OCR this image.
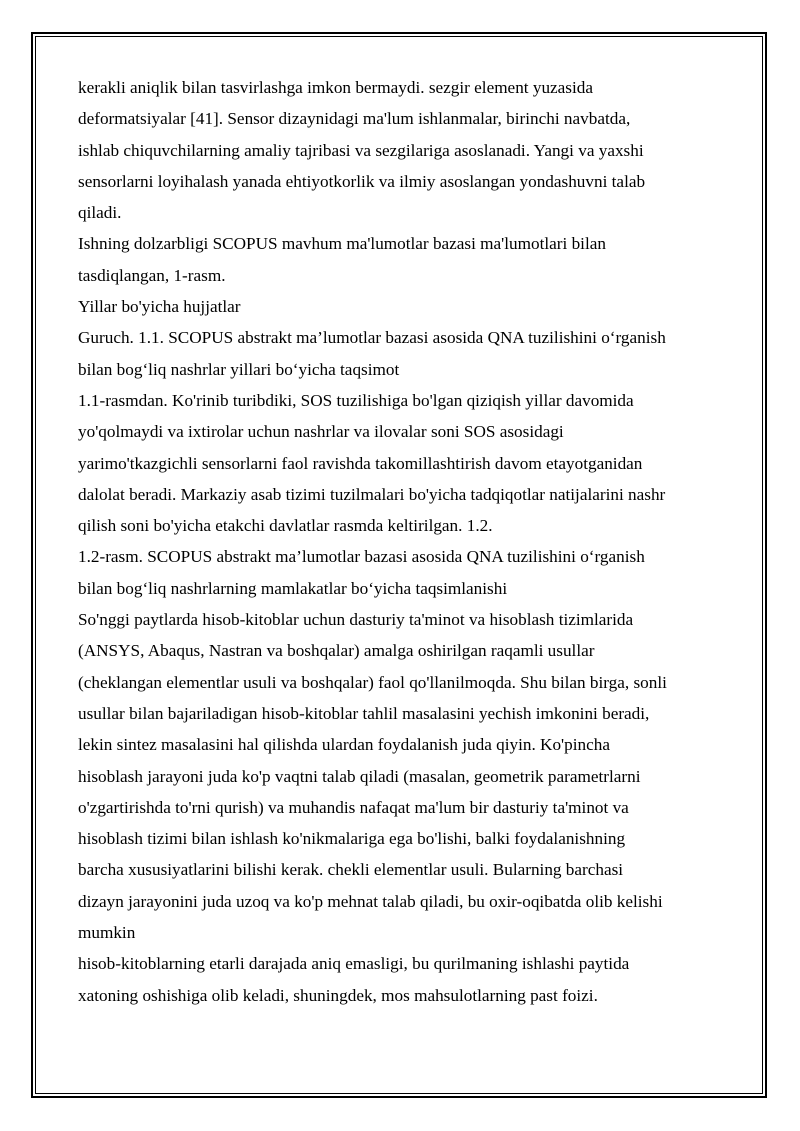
kerakli aniqlik bilan tasvirlashga imkon bermaydi. sezgir element yuzasida
deformatsiyalar [41]. Sensor dizaynidagi ma'lum ishlanmalar, birinchi navbatda,
ishlab chiquvchilarning amaliy tajribasi va sezgilariga asoslanadi. Yangi va yaxshi
sensorlarni loyihalash yanada ehtiyotkorlik va ilmiy asoslangan yondashuvni talab
qiladi.

Ishning dolzarbligi SCOPUS mavhum ma'lumotlar bazasi ma'lumotlari bilan
tasdiqlangan, 1-rasm.

Yillar bo'yicha hujjatlar

Guruch. 1.1. SCOPUS abstrakt ma’lumotlar bazasi asosida QNA tuzilishini o‘rganish
bilan bog‘liq nashrlar yillari bo‘yicha taqsimot

1.1-rasmdan. Ko'rinib turibdiki, SOS tuzilishiga bo'lgan qiziqish yillar davomida
yo'qolmaydi va ixtirolar uchun nashrlar va ilovalar soni SOS asosidagi
yarimo'tkazgichli sensorlarni faol ravishda takomillashtirish davom etayotganidan
dalolat beradi. Markaziy asab tizimi tuzilmalari bo'yicha tadqiqotlar natijalarini nashr
qilish soni bo'yicha etakchi davlatlar rasmda keltirilgan. 1.2.

1.2-rasm. SCOPUS abstrakt ma’lumotlar bazasi asosida QNA tuzilishini o‘rganish
bilan bog‘liq nashrlarning mamlakatlar bo‘yicha taqsimlanishi

So'nggi paytlarda hisob-kitoblar uchun dasturiy ta'minot va hisoblash tizimlarida
(ANSYS, Abaqus, Nastran va boshqalar) amalga oshirilgan raqamli usullar
(cheklangan elementlar usuli va boshqalar) faol qo'llanilmoqda. Shu bilan birga, sonli
usullar bilan bajariladigan hisob-kitoblar tahlil masalasini yechish imkonini beradi,
lekin sintez masalasini hal qilishda ulardan foydalanish juda qiyin. Ko'pincha
hisoblash jarayoni juda ko'p vaqtni talab qiladi (masalan, geometrik parametrlarni
o'zgartirishda to'rni qurish) va muhandis nafaqat ma'lum bir dasturiy ta'minot va
hisoblash tizimi bilan ishlash ko'nikmalariga ega bo'lishi, balki foydalanishning
barcha xususiyatlarini bilishi kerak. chekli elementlar usuli. Bularning barchasi
dizayn jarayonini juda uzoq va ko'p mehnat talab qiladi, bu oxir-oqibatda olib kelishi
mumkin

hisob-kitoblarning etarli darajada aniq emasligi, bu qurilmaning ishlashi paytida
xatoning oshishiga olib keladi, shuningdek, mos mahsulotlarning past foizi.
